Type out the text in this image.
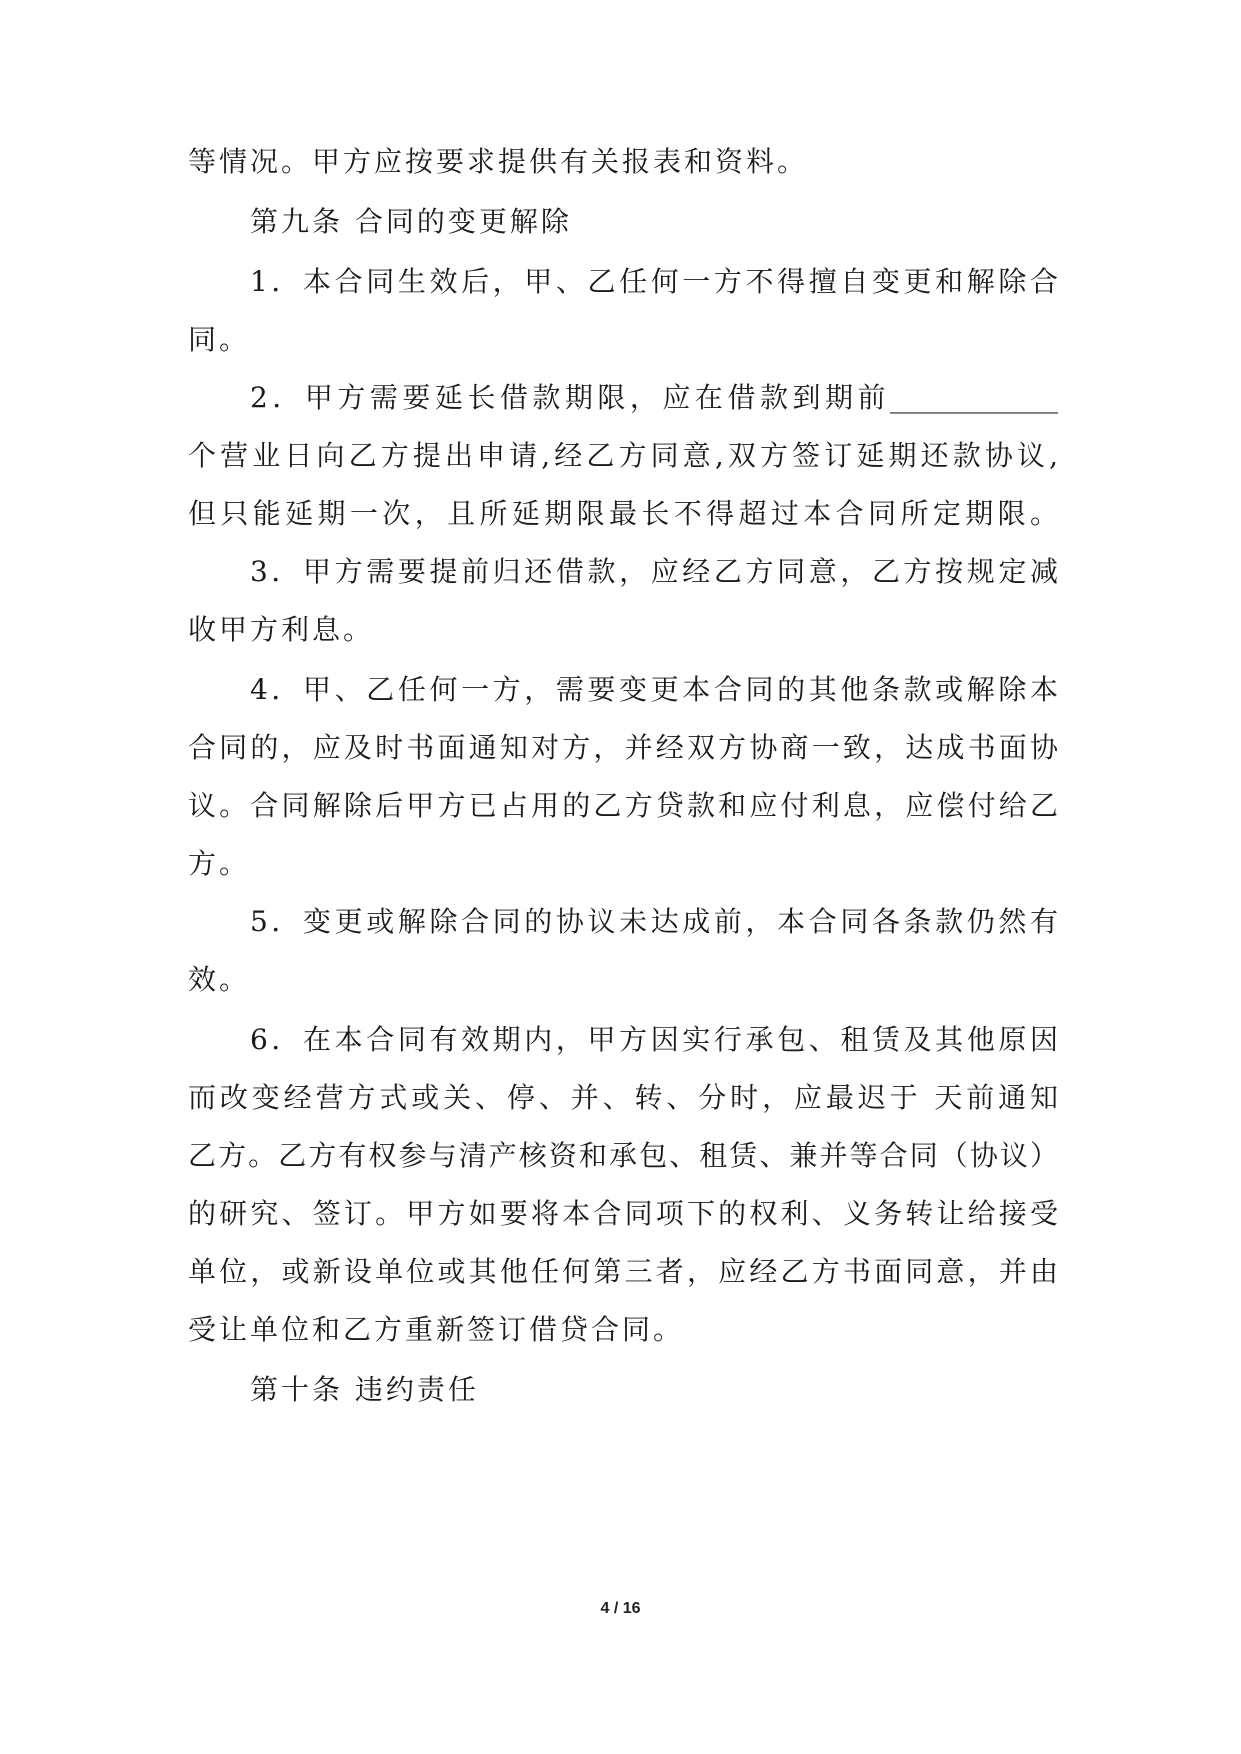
等情况。甲方应按要求提供有关报表和资料。
第九条 合同的变更解除
1．本合同生效后，甲、乙任何一方不得擅自变更和解除合
同。
2．甲方需要延长借款期限，应在借款到期前____________
个营业日向乙方提出申请,经乙方同意,双方签订延期还款协议,
但只能延期一次，且所延期限最长不得超过本合同所定期限。
3．甲方需要提前归还借款，应经乙方同意，乙方按规定减
收甲方利息。
4．甲、乙任何一方，需要变更本合同的其他条款或解除本
合同的，应及时书面通知对方，并经双方协商一致，达成书面协
议。合同解除后甲方已占用的乙方贷款和应付利息，应偿付给乙
方。
5．变更或解除合同的协议未达成前，本合同各条款仍然有
效。
6．在本合同有效期内，甲方因实行承包、租赁及其他原因
而改变经营方式或关、停、并、转、分时，应最迟于 天前通知
乙方。乙方有权参与清产核资和承包、租赁、兼并等合同（协议）
的研究、签订。甲方如要将本合同项下的权利、义务转让给接受
单位，或新设单位或其他任何第三者，应经乙方书面同意，并由
受让单位和乙方重新签订借贷合同。
第十条 违约责任
4 / 16
